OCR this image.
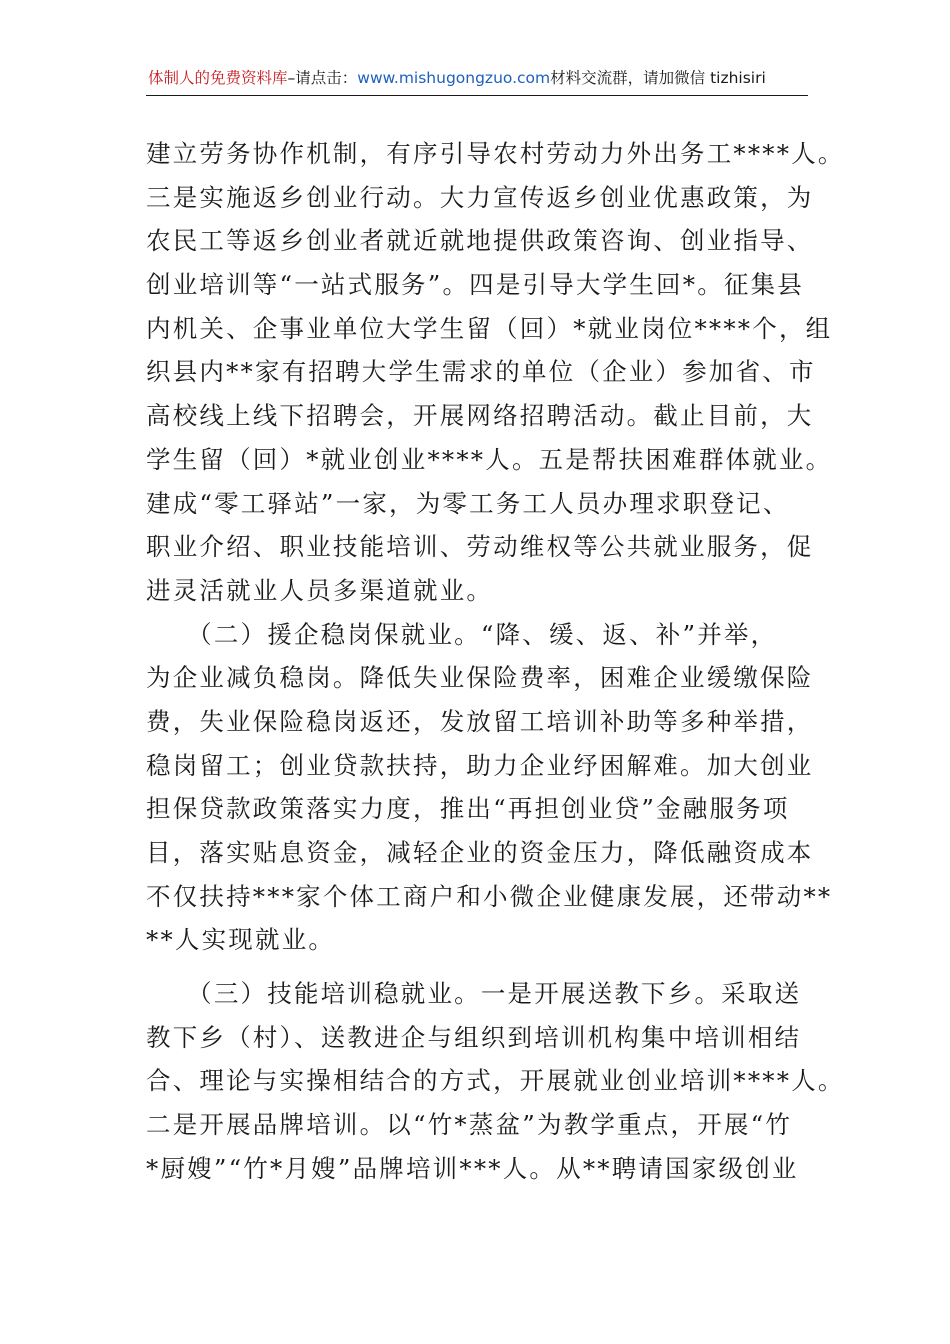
体制人的免费资料库–请点击：www.mishugongzuo.com材料交流群，请加微信 tizhisiri
建立劳务协作机制，有序引导农村劳动力外出务工****人。
三是实施返乡创业行动。大力宣传返乡创业优惠政策，为
农民工等返乡创业者就近就地提供政策咨询、创业指导、
创业培训等“一站式服务”。四是引导大学生回*。征集县
内机关、企事业单位大学生留（回）*就业岗位****个，组
织县内**家有招聘大学生需求的单位（企业）参加省、市
高校线上线下招聘会，开展网络招聘活动。截止目前，大
学生留（回）*就业创业****人。五是帮扶困难群体就业。
建成“零工驿站”一家，为零工务工人员办理求职登记、
职业介绍、职业技能培训、劳动维权等公共就业服务，促
进灵活就业人员多渠道就业。
　　（二）援企稳岗保就业。“降、缓、返、补”并举，
为企业减负稳岗。降低失业保险费率，困难企业缓缴保险
费，失业保险稳岗返还，发放留工培训补助等多种举措，
稳岗留工；创业贷款扶持，助力企业纾困解难。加大创业
担保贷款政策落实力度，推出“再担创业贷”金融服务项
目，落实贴息资金，减轻企业的资金压力，降低融资成本
不仅扶持***家个体工商户和小微企业健康发展，还带动**
**人实现就业。
　　（三）技能培训稳就业。一是开展送教下乡。采取送
教下乡（村）、送教进企与组织到培训机构集中培训相结
合、理论与实操相结合的方式，开展就业创业培训****人。
二是开展品牌培训。以“竹*蒸盆”为教学重点，开展“竹
*厨嫂”“竹*月嫂”品牌培训***人。从**聘请国家级创业
